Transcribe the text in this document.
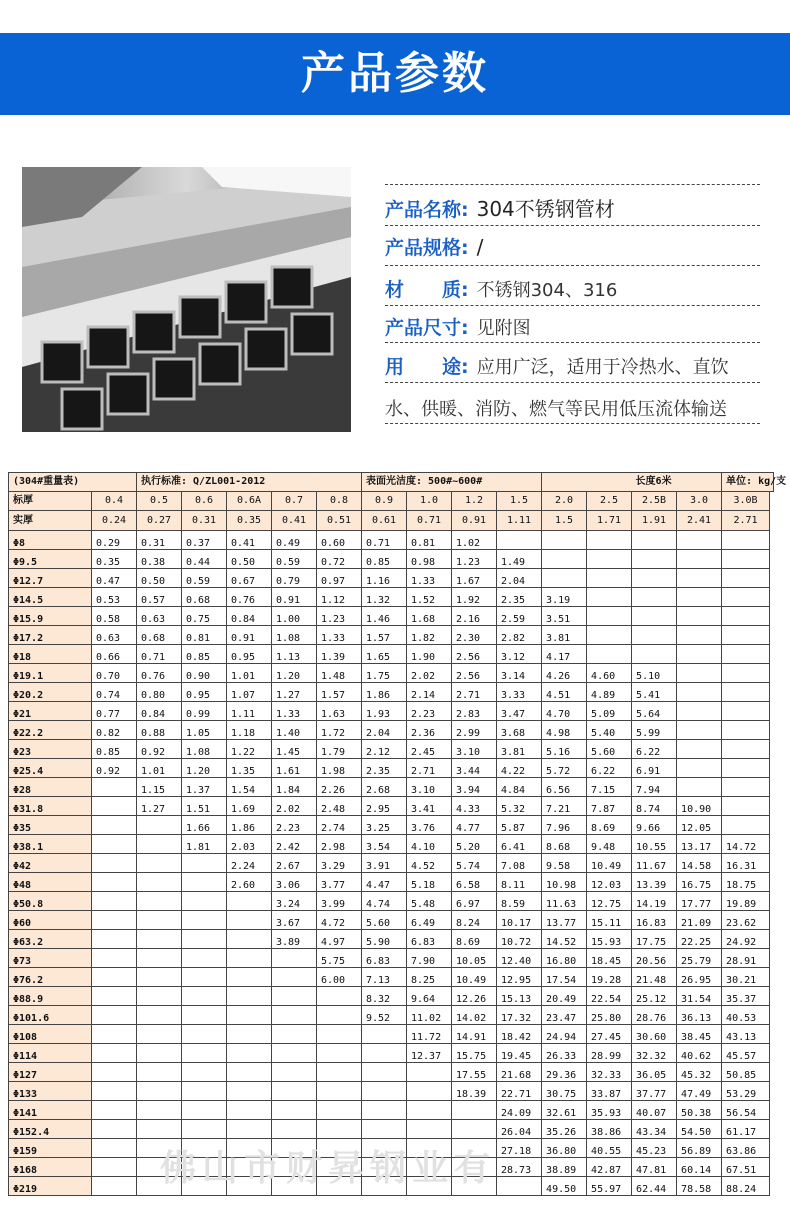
产品参数
产品名称: 304不锈钢管材
产品规格: /
材　　质: 不锈钢304、316
产品尺寸: 见附图
用　　途: 应用广泛，适用于冷热水、直饮
水、供暖、消防、燃气等民用低压流体输送
(304#重量表)		执行标准: Q/ZL001-2012					表面光洁度: 500#~600#						长度6米		单位: kg/支
标厚	0.4	0.5	0.6	0.6A	0.7	0.8	0.9	1.0	1.2	1.5	2.0	2.5	2.5B	3.0	3.0B
实厚	0.24	0.27	0.31	0.35	0.41	0.51	0.61	0.71	0.91	1.11	1.5	1.71	1.91	2.41	2.71
Φ8	0.29	0.31	0.37	0.41	0.49	0.60	0.71	0.81	1.02						
Φ9.5	0.35	0.38	0.44	0.50	0.59	0.72	0.85	0.98	1.23	1.49					
Φ12.7	0.47	0.50	0.59	0.67	0.79	0.97	1.16	1.33	1.67	2.04					
Φ14.5	0.53	0.57	0.68	0.76	0.91	1.12	1.32	1.52	1.92	2.35	3.19				
Φ15.9	0.58	0.63	0.75	0.84	1.00	1.23	1.46	1.68	2.16	2.59	3.51				
Φ17.2	0.63	0.68	0.81	0.91	1.08	1.33	1.57	1.82	2.30	2.82	3.81				
Φ18	0.66	0.71	0.85	0.95	1.13	1.39	1.65	1.90	2.56	3.12	4.17				
Φ19.1	0.70	0.76	0.90	1.01	1.20	1.48	1.75	2.02	2.56	3.14	4.26	4.60	5.10		
Φ20.2	0.74	0.80	0.95	1.07	1.27	1.57	1.86	2.14	2.71	3.33	4.51	4.89	5.41		
Φ21	0.77	0.84	0.99	1.11	1.33	1.63	1.93	2.23	2.83	3.47	4.70	5.09	5.64		
Φ22.2	0.82	0.88	1.05	1.18	1.40	1.72	2.04	2.36	2.99	3.68	4.98	5.40	5.99		
Φ23	0.85	0.92	1.08	1.22	1.45	1.79	2.12	2.45	3.10	3.81	5.16	5.60	6.22		
Φ25.4	0.92	1.01	1.20	1.35	1.61	1.98	2.35	2.71	3.44	4.22	5.72	6.22	6.91		
Φ28		1.15	1.37	1.54	1.84	2.26	2.68	3.10	3.94	4.84	6.56	7.15	7.94		
Φ31.8		1.27	1.51	1.69	2.02	2.48	2.95	3.41	4.33	5.32	7.21	7.87	8.74	10.90	
Φ35			1.66	1.86	2.23	2.74	3.25	3.76	4.77	5.87	7.96	8.69	9.66	12.05	
Φ38.1			1.81	2.03	2.42	2.98	3.54	4.10	5.20	6.41	8.68	9.48	10.55	13.17	14.72
Φ42				2.24	2.67	3.29	3.91	4.52	5.74	7.08	9.58	10.49	11.67	14.58	16.31
Φ48				2.60	3.06	3.77	4.47	5.18	6.58	8.11	10.98	12.03	13.39	16.75	18.75
Φ50.8					3.24	3.99	4.74	5.48	6.97	8.59	11.63	12.75	14.19	17.77	19.89
Φ60					3.67	4.72	5.60	6.49	8.24	10.17	13.77	15.11	16.83	21.09	23.62
Φ63.2					3.89	4.97	5.90	6.83	8.69	10.72	14.52	15.93	17.75	22.25	24.92
Φ73						5.75	6.83	7.90	10.05	12.40	16.80	18.45	20.56	25.79	28.91
Φ76.2						6.00	7.13	8.25	10.49	12.95	17.54	19.28	21.48	26.95	30.21
Φ88.9							8.32	9.64	12.26	15.13	20.49	22.54	25.12	31.54	35.37
Φ101.6							9.52	11.02	14.02	17.32	23.47	25.80	28.76	36.13	40.53
Φ108								11.72	14.91	18.42	24.94	27.45	30.60	38.45	43.13
Φ114								12.37	15.75	19.45	26.33	28.99	32.32	40.62	45.57
Φ127									17.55	21.68	29.36	32.33	36.05	45.32	50.85
Φ133									18.39	22.71	30.75	33.87	37.77	47.49	53.29
Φ141										24.09	32.61	35.93	40.07	50.38	56.54
Φ152.4										26.04	35.26	38.86	43.34	54.50	61.17
Φ159										27.18	36.80	40.55	45.23	56.89	63.86
Φ168										28.73	38.89	42.87	47.81	60.14	67.51
Φ219											49.50	55.97	62.44	78.58	88.24
佛山市财昇钢业有
